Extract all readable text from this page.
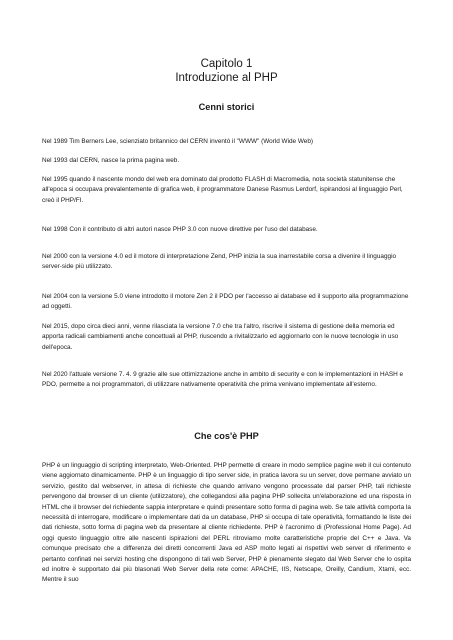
Capitolo 1
Introduzione al PHP
Cenni storici

Nel 1989 Tim Berners Lee, scienziato britannico del CERN inventò il "WWW" (World Wide Web)

Nel 1993 dal CERN, nasce la prima pagina web.

Nel 1995 quando il nascente mondo del web era dominato dal prodotto FLASH di Macromedia, nota società statunitense che all'epoca si occupava prevalentemente di grafica web, il programmatore Danese Rasmus Lerdorf, ispirandosi al linguaggio Perl, creò il PHP/FI.

Nel 1998 Con il contributo di altri autori nasce PHP 3.0 con nuove direttive per l'uso del database.

Nel 2000 con la versione 4.0 ed il motore di interpretazione Zend, PHP inizia la sua inarrestabile corsa a divenire il linguaggio server-side più utilizzato.

Nel 2004 con la versione 5.0 viene introdotto il motore Zen 2 il PDO per l'accesso ai database ed il supporto alla programmazione ad oggetti.

Nel 2015, dopo circa dieci anni, venne rilasciata la versione 7.0 che tra l'altro, riscrive il sistema di gestione della memoria ed apporta radicali cambiamenti anche concettuali al PHP, riuscendo a rivitalizzarlo ed aggiornarlo con le nuove tecnologie in uso dell'epoca.

Nel 2020 l'attuale versione 7. 4. 9 grazie alle sue ottimizzazione anche in ambito di security e con le implementazioni in HASH e PDO, permette a noi programmatori, di utilizzare nativamente operatività che prima venivano implementate all'esterno.

Che cos'è PHP

PHP è un linguaggio di scripting interpretato, Web-Oriented. PHP permette di creare in modo semplice pagine web il cui contenuto viene aggiornato dinamicamente. PHP è un linguaggio di tipo server side, in pratica lavora su un server, dove permane avviato un servizio, gestito dal webserver, in attesa di richieste che quando arrivano vengono processate dal parser PHP, tali richieste pervengono dal browser di un cliente (utilizzatore), che collegandosi alla pagina PHP sollecita un'elaborazione ed una risposta in HTML che il browser del richiedente sappia interpretare e quindi presentare sotto forma di pagina web. Se tale attività comporta la necessità di interrogare, modificare o implementare dati da un database, PHP si occupa di tale operatività, formattando le liste dei dati richieste, sotto forma di pagina web da presentare al cliente richiedente. PHP è l'acronimo di (Professional Home Page). Ad oggi questo linguaggio oltre alle nascenti ispirazioni del PERL ritroviamo molte caratteristiche proprie del C++ e Java. Va comunque precisato che a differenza dei diretti concorrenti Java ed ASP molto legati ai rispettivi web server di riferimento e pertanto confinati nei servizi hosting che dispongono di tali web Server, PHP è pienamente slegato dal Web Server che lo ospita ed inoltre è supportato dai più blasonati Web Server della rete come: APACHE, IIS, Netscape, Oreilly, Candium, Xtami, ecc. Mentre il suo
